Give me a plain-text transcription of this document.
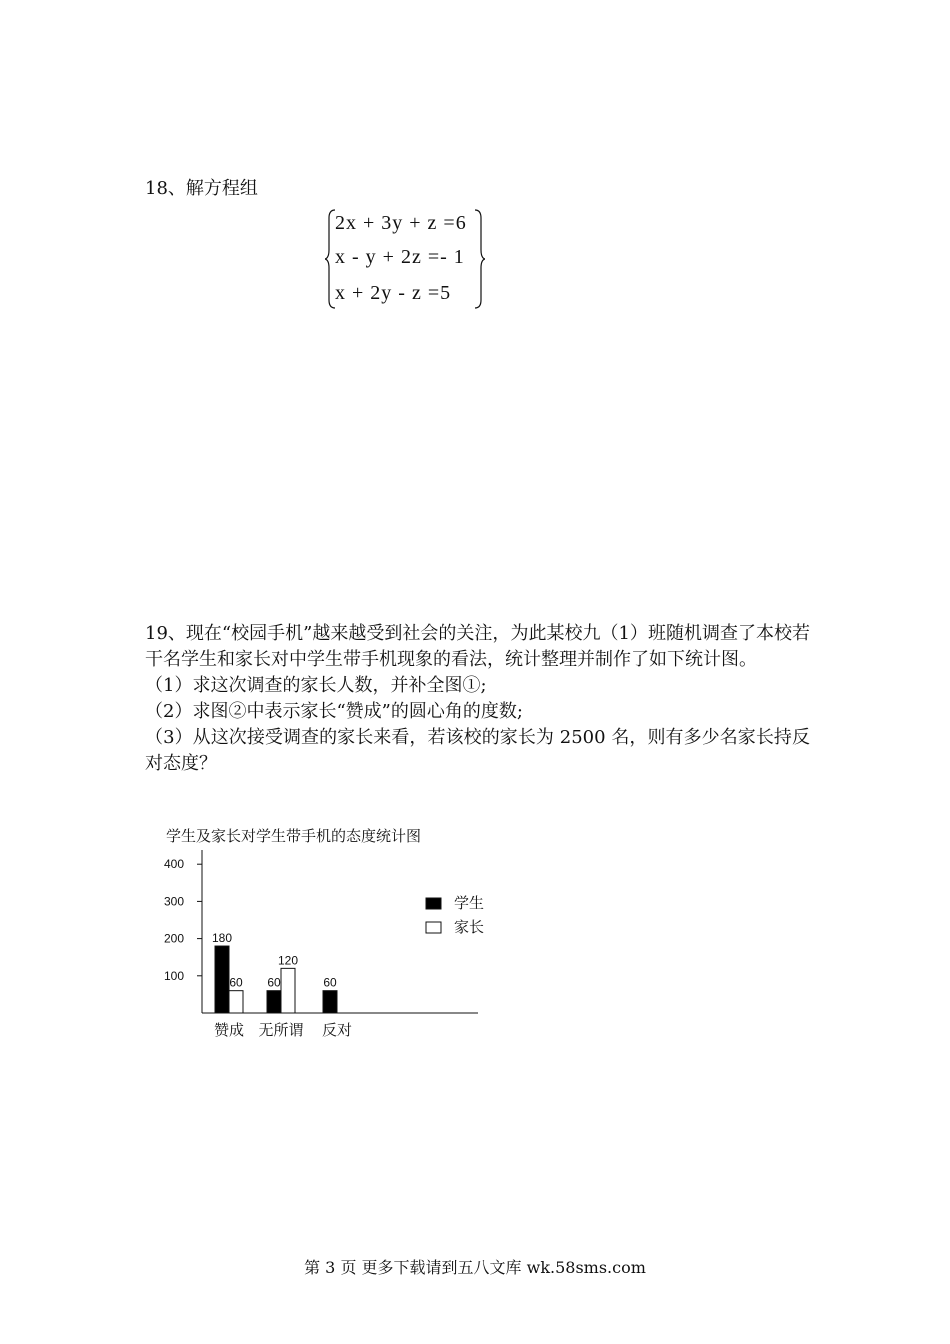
18、解方程组
2x + 3y + z =6
x - y + 2z =- 1
x + 2y - z =5

19、现在“校园手机”越来越受到社会的关注，为此某校九（1）班随机调查了本校若干名学生和家长对中学生带手机现象的看法，统计整理并制作了如下统计图。

（1）求这次调查的家长人数，并补全图①;

（2）求图②中表示家长“赞成”的圆心角的度数;

（3）从这次接受调查的家长来看，若该校的家长为 2500 名，则有多少名家长持反对态度？

学生及家长对学生带手机的态度统计图
100
200
300
400
180
60
赞成
60
120
无所谓
60
反对
学生
家长
第 3 页 更多下载请到五八文库 wk.58sms.com
